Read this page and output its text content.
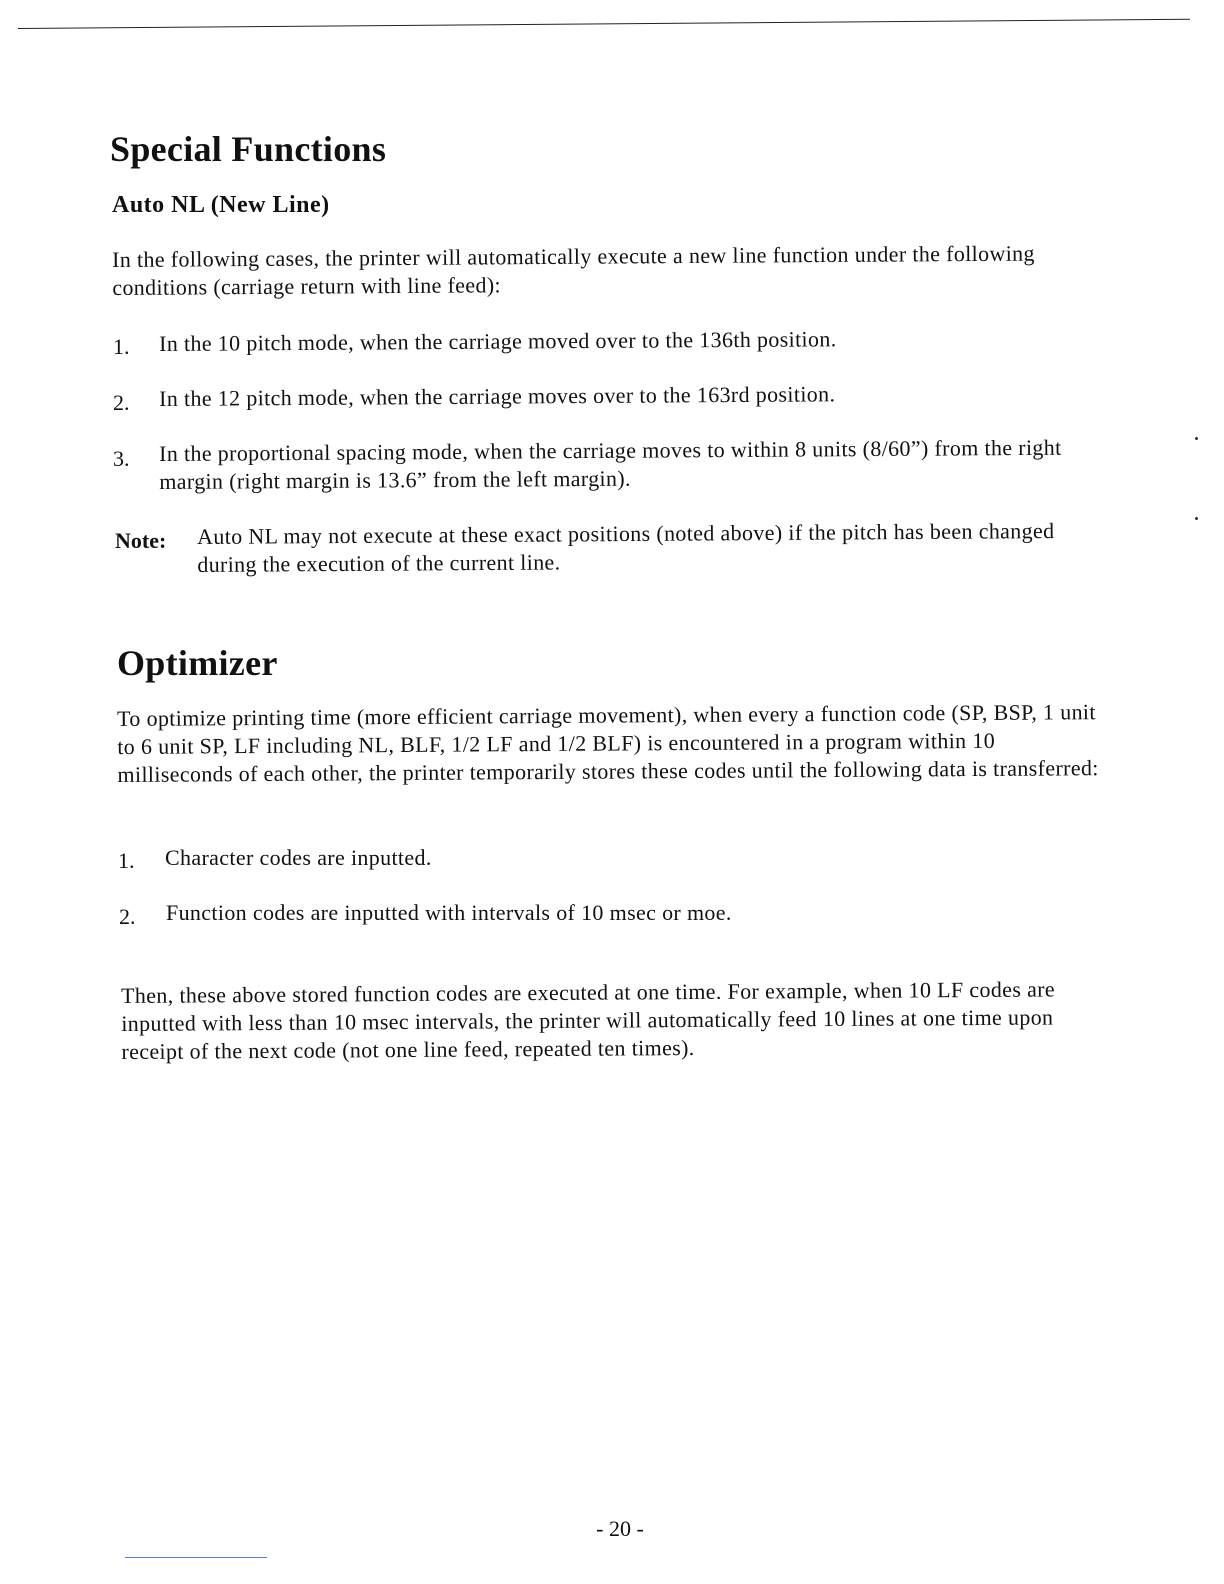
Special Functions
Auto NL (New Line)

In the following cases, the printer will automatically execute a new line function under the following conditions (carriage return with line feed):

1. In the 10 pitch mode, when the carriage moved over to the 136th position.

2. In the 12 pitch mode, when the carriage moves over to the 163rd position.

3. In the proportional spacing mode, when the carriage moves to within 8 units (8/60”) from the right margin (right margin is 13.6” from the left margin).

Note: Auto NL may not execute at these exact positions (noted above) if the pitch has been changed during the execution of the current line.

Optimizer

To optimize printing time (more efficient carriage movement), when every a function code (SP, BSP, 1 unit to 6 unit SP, LF including NL, BLF, 1/2 LF and 1/2 BLF) is encountered in a program within 10 milliseconds of each other, the printer temporarily stores these codes until the following data is transferred:

1. Character codes are inputted.

2. Function codes are inputted with intervals of 10 msec or moe.

Then, these above stored function codes are executed at one time. For example, when 10 LF codes are inputted with less than 10 msec intervals, the printer will automatically feed 10 lines at one time upon receipt of the next code (not one line feed, repeated ten times).

- 20 -
